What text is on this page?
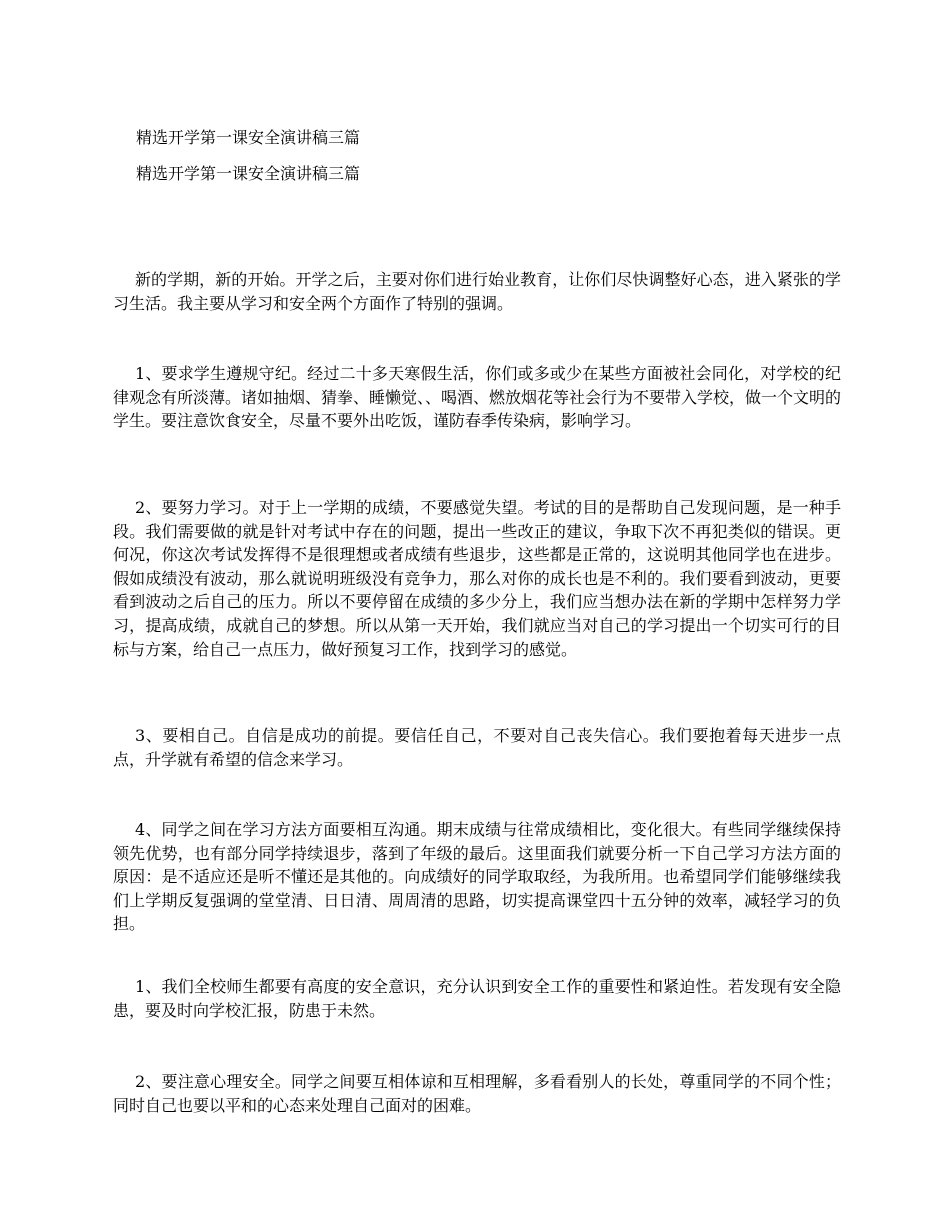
精选开学第一课安全演讲稿三篇
精选开学第一课安全演讲稿三篇

新的学期，新的开始。开学之后，主要对你们进行始业教育，让你们尽快调整好心态，进入紧张的学习生活。我主要从学习和安全两个方面作了特别的强调。

1、要求学生遵规守纪。经过二十多天寒假生活，你们或多或少在某些方面被社会同化，对学校的纪律观念有所淡薄。诸如抽烟、猜拳、睡懒觉、、喝酒、燃放烟花等社会行为不要带入学校，做一个文明的学生。要注意饮食安全，尽量不要外出吃饭，谨防春季传染病，影响学习。

2、要努力学习。对于上一学期的成绩，不要感觉失望。考试的目的是帮助自己发现问题，是一种手段。我们需要做的就是针对考试中存在的问题，提出一些改正的建议，争取下次不再犯类似的错误。更何况，你这次考试发挥得不是很理想或者成绩有些退步，这些都是正常的，这说明其他同学也在进步。假如成绩没有波动，那么就说明班级没有竞争力，那么对你的成长也是不利的。我们要看到波动，更要看到波动之后自己的压力。所以不要停留在成绩的多少分上，我们应当想办法在新的学期中怎样努力学习，提高成绩，成就自己的梦想。所以从第一天开始，我们就应当对自己的学习提出一个切实可行的目标与方案，给自己一点压力，做好预复习工作，找到学习的感觉。

3、要相自己。自信是成功的前提。要信任自己，不要对自己丧失信心。我们要抱着每天进步一点点，升学就有希望的信念来学习。

4、同学之间在学习方法方面要相互沟通。期末成绩与往常成绩相比，变化很大。有些同学继续保持领先优势，也有部分同学持续退步，落到了年级的最后。这里面我们就要分析一下自己学习方法方面的原因：是不适应还是听不懂还是其他的。向成绩好的同学取取经，为我所用。也希望同学们能够继续我们上学期反复强调的堂堂清、日日清、周周清的思路，切实提高课堂四十五分钟的效率，减轻学习的负担。

1、我们全校师生都要有高度的安全意识，充分认识到安全工作的重要性和紧迫性。若发现有安全隐患，要及时向学校汇报，防患于未然。

2、要注意心理安全。同学之间要互相体谅和互相理解，多看看别人的长处，尊重同学的不同个性；同时自己也要以平和的心态来处理自己面对的困难。
